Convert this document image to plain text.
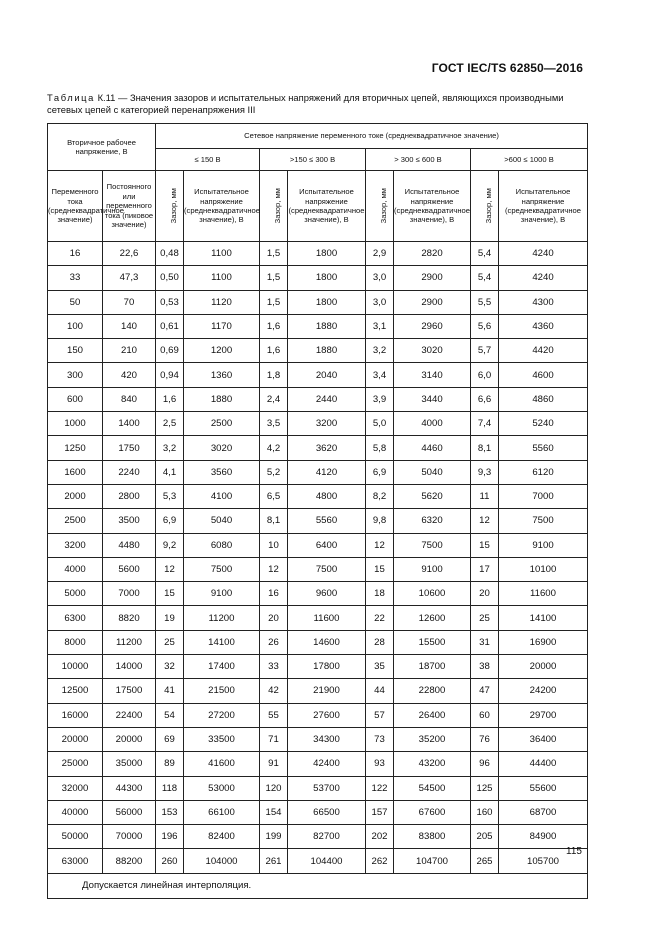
ГОСТ IEC/TS 62850—2016
Таблица К.11 — Значения зазоров и испытательных напряжений для вторичных цепей, являющихся производными сетевых цепей с категорией перенапряжения III
Вторичное рабочее напряжение, В		Сетевое напряжение переменного токе (среднеквадратичное значение)							
		≤ 150 В		>150 ≤ 300 В		> 300 ≤ 600 В		>600 ≤ 1000 В	
Переменного тока (среднеквадратичное значение)	Постоянного или переменного тока (пиковое значение)	Зазор, мм	Испытательное напряжение (среднеквадратичное значение), В	Зазор, мм	Испытательное напряжение (среднеквадратичное значение), В	Зазор, мм	Испытательное напряжение (среднеквадратичное значение), В	Зазор, мм	Испытательное напряжение (среднеквадратичное значение), В
16	22,6	0,48	1100	1,5	1800	2,9	2820	5,4	4240
33	47,3	0,50	1100	1,5	1800	3,0	2900	5,4	4240
50	70	0,53	1120	1,5	1800	3,0	2900	5,5	4300
100	140	0,61	1170	1,6	1880	3,1	2960	5,6	4360
150	210	0,69	1200	1,6	1880	3,2	3020	5,7	4420
300	420	0,94	1360	1,8	2040	3,4	3140	6,0	4600
600	840	1,6	1880	2,4	2440	3,9	3440	6,6	4860
1000	1400	2,5	2500	3,5	3200	5,0	4000	7,4	5240
1250	1750	3,2	3020	4,2	3620	5,8	4460	8,1	5560
1600	2240	4,1	3560	5,2	4120	6,9	5040	9,3	6120
2000	2800	5,3	4100	6,5	4800	8,2	5620	11	7000
2500	3500	6,9	5040	8,1	5560	9,8	6320	12	7500
3200	4480	9,2	6080	10	6400	12	7500	15	9100
4000	5600	12	7500	12	7500	15	9100	17	10100
5000	7000	15	9100	16	9600	18	10600	20	11600
6300	8820	19	11200	20	11600	22	12600	25	14100
8000	11200	25	14100	26	14600	28	15500	31	16900
10000	14000	32	17400	33	17800	35	18700	38	20000
12500	17500	41	21500	42	21900	44	22800	47	24200
16000	22400	54	27200	55	27600	57	26400	60	29700
20000	20000	69	33500	71	34300	73	35200	76	36400
25000	35000	89	41600	91	42400	93	43200	96	44400
32000	44300	118	53000	120	53700	122	54500	125	55600
40000	56000	153	66100	154	66500	157	67600	160	68700
50000	70000	196	82400	199	82700	202	83800	205	84900
63000	88200	260	104000	261	104400	262	104700	265	105700
Допускается линейная интерполяция.									
115
